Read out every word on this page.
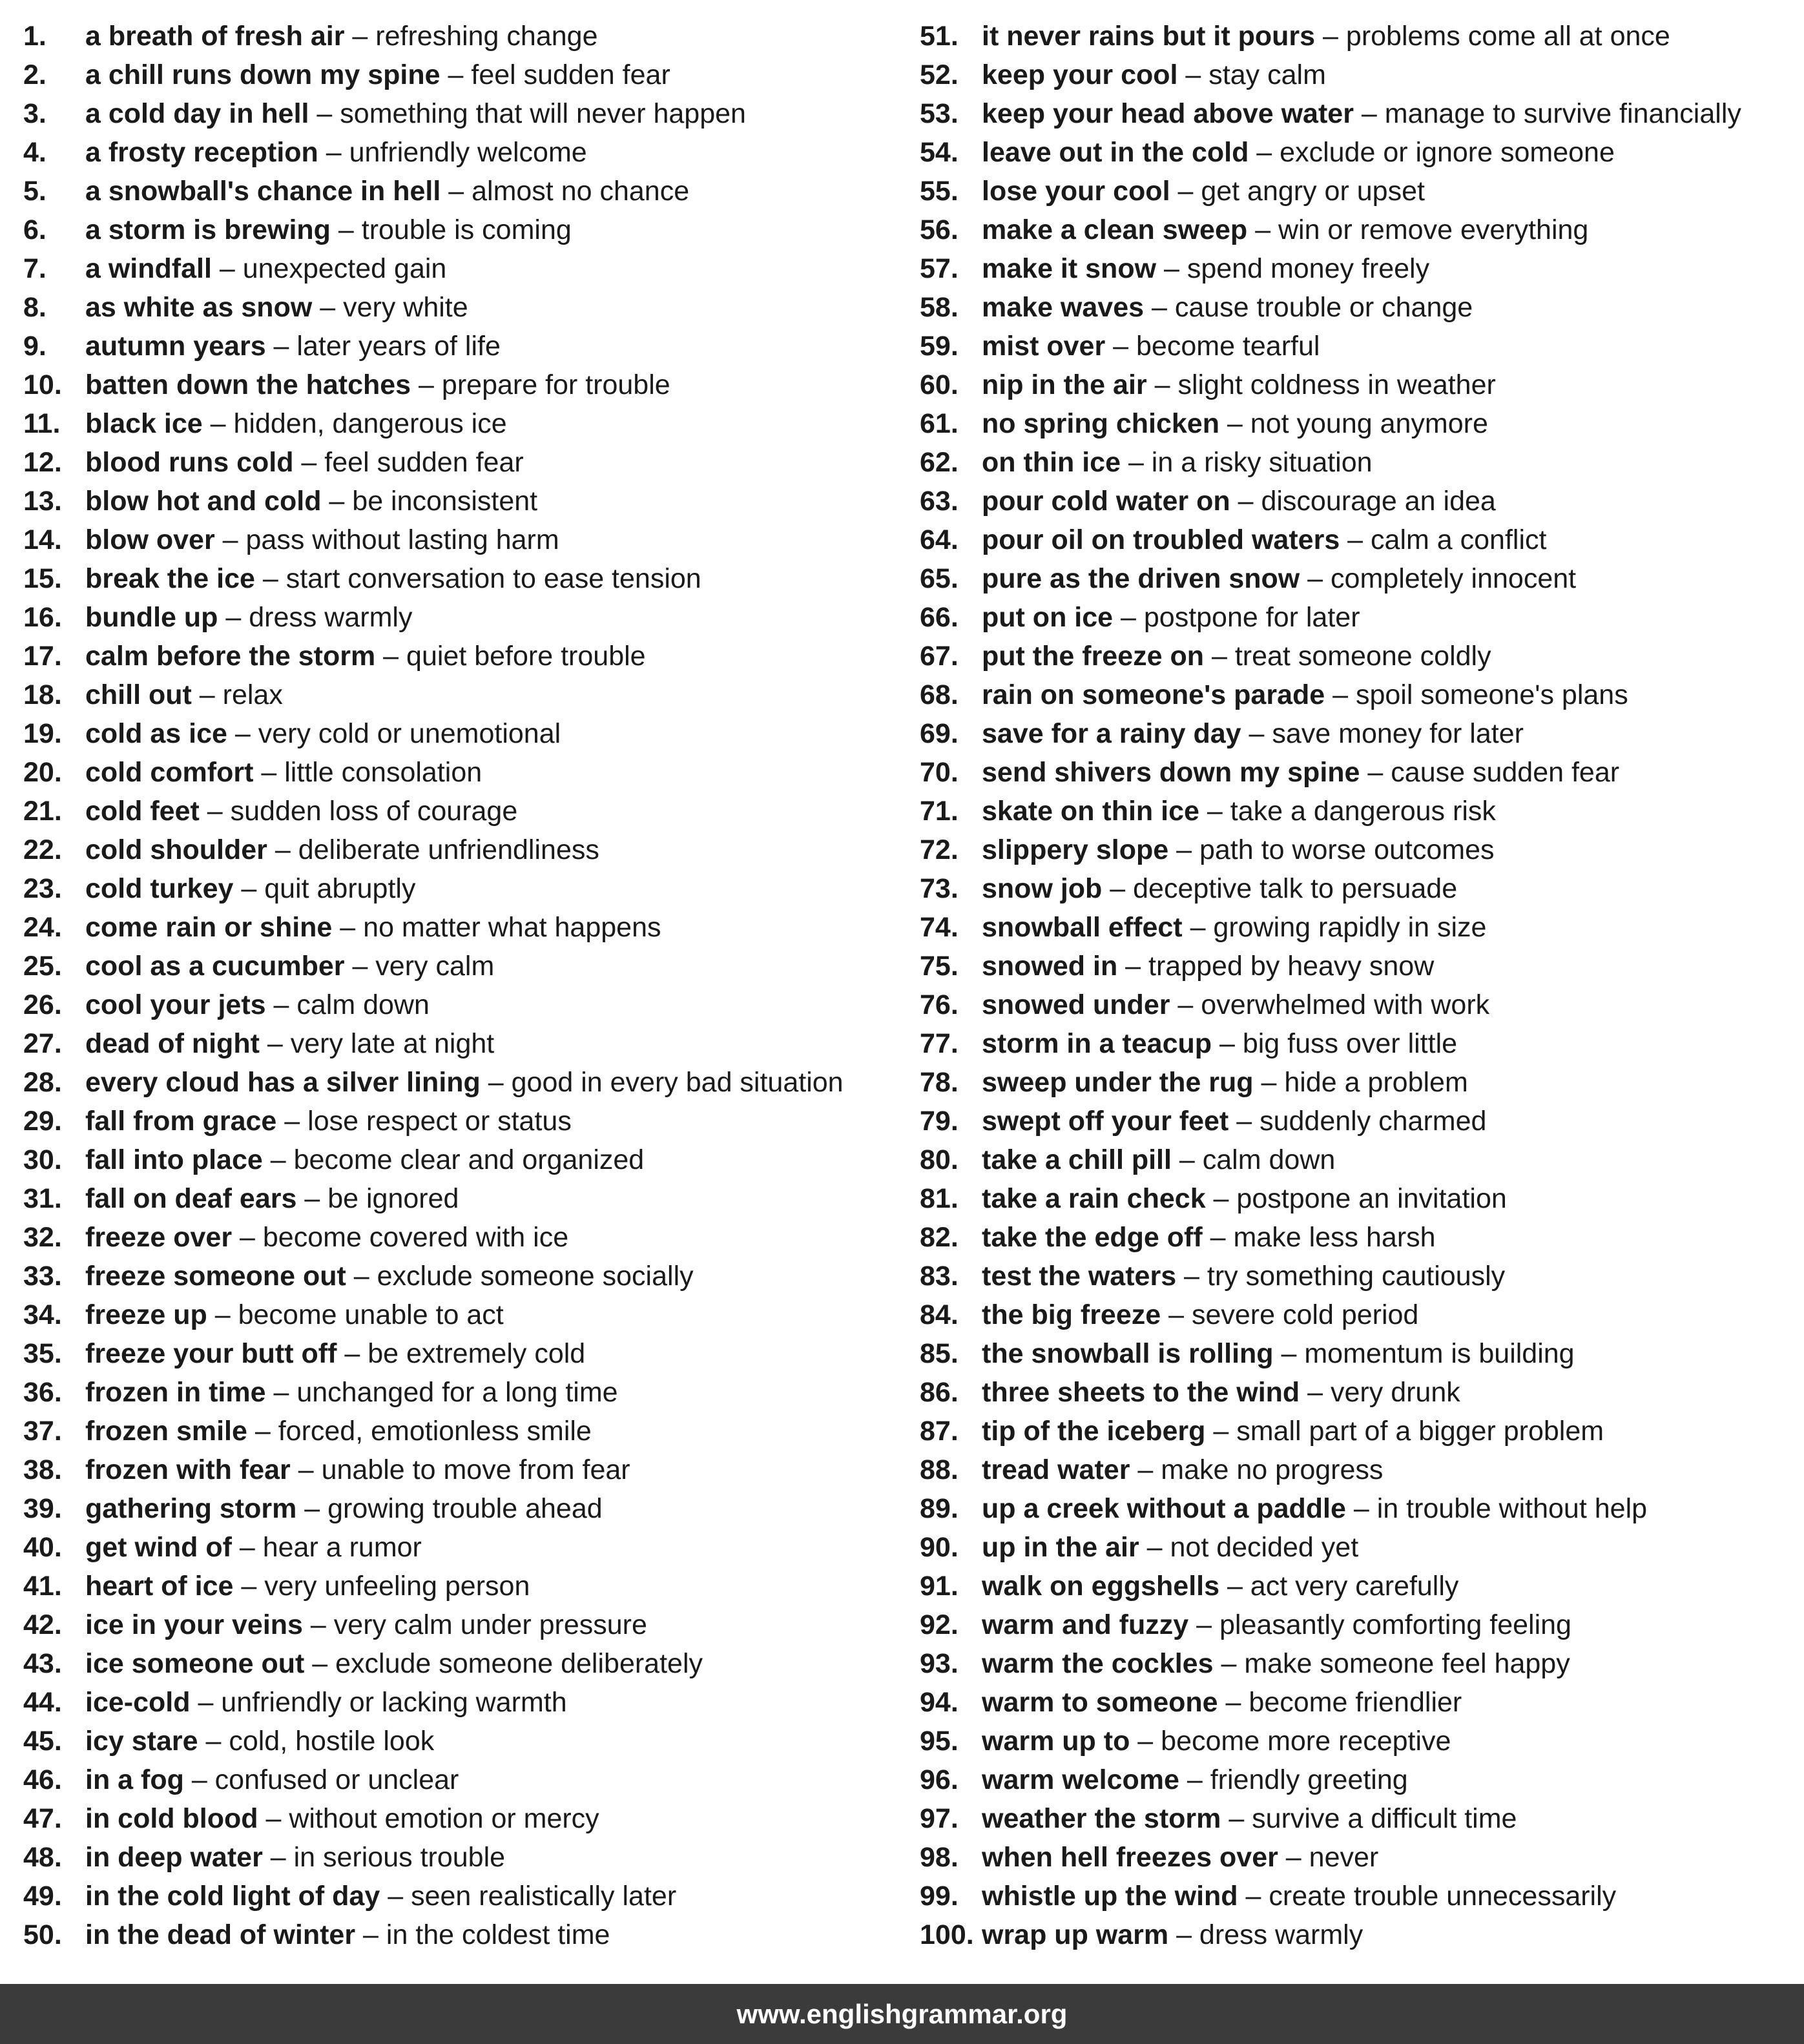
1. a breath of fresh air – refreshing change
2. a chill runs down my spine – feel sudden fear
3. a cold day in hell – something that will never happen
4. a frosty reception – unfriendly welcome
5. a snowball's chance in hell – almost no chance
6. a storm is brewing – trouble is coming
7. a windfall – unexpected gain
8. as white as snow – very white
9. autumn years – later years of life
10. batten down the hatches – prepare for trouble
11. black ice – hidden, dangerous ice
12. blood runs cold – feel sudden fear
13. blow hot and cold – be inconsistent
14. blow over – pass without lasting harm
15. break the ice – start conversation to ease tension
16. bundle up – dress warmly
17. calm before the storm – quiet before trouble
18. chill out – relax
19. cold as ice – very cold or unemotional
20. cold comfort – little consolation
21. cold feet – sudden loss of courage
22. cold shoulder – deliberate unfriendliness
23. cold turkey – quit abruptly
24. come rain or shine – no matter what happens
25. cool as a cucumber – very calm
26. cool your jets – calm down
27. dead of night – very late at night
28. every cloud has a silver lining – good in every bad situation
29. fall from grace – lose respect or status
30. fall into place – become clear and organized
31. fall on deaf ears – be ignored
32. freeze over – become covered with ice
33. freeze someone out – exclude someone socially
34. freeze up – become unable to act
35. freeze your butt off – be extremely cold
36. frozen in time – unchanged for a long time
37. frozen smile – forced, emotionless smile
38. frozen with fear – unable to move from fear
39. gathering storm – growing trouble ahead
40. get wind of – hear a rumor
41. heart of ice – very unfeeling person
42. ice in your veins – very calm under pressure
43. ice someone out – exclude someone deliberately
44. ice-cold – unfriendly or lacking warmth
45. icy stare – cold, hostile look
46. in a fog – confused or unclear
47. in cold blood – without emotion or mercy
48. in deep water – in serious trouble
49. in the cold light of day – seen realistically later
50. in the dead of winter – in the coldest time
51. it never rains but it pours – problems come all at once
52. keep your cool – stay calm
53. keep your head above water – manage to survive financially
54. leave out in the cold – exclude or ignore someone
55. lose your cool – get angry or upset
56. make a clean sweep – win or remove everything
57. make it snow – spend money freely
58. make waves – cause trouble or change
59. mist over – become tearful
60. nip in the air – slight coldness in weather
61. no spring chicken – not young anymore
62. on thin ice – in a risky situation
63. pour cold water on – discourage an idea
64. pour oil on troubled waters – calm a conflict
65. pure as the driven snow – completely innocent
66. put on ice – postpone for later
67. put the freeze on – treat someone coldly
68. rain on someone's parade – spoil someone's plans
69. save for a rainy day – save money for later
70. send shivers down my spine – cause sudden fear
71. skate on thin ice – take a dangerous risk
72. slippery slope – path to worse outcomes
73. snow job – deceptive talk to persuade
74. snowball effect – growing rapidly in size
75. snowed in – trapped by heavy snow
76. snowed under – overwhelmed with work
77. storm in a teacup – big fuss over little
78. sweep under the rug – hide a problem
79. swept off your feet – suddenly charmed
80. take a chill pill – calm down
81. take a rain check – postpone an invitation
82. take the edge off – make less harsh
83. test the waters – try something cautiously
84. the big freeze – severe cold period
85. the snowball is rolling – momentum is building
86. three sheets to the wind – very drunk
87. tip of the iceberg – small part of a bigger problem
88. tread water – make no progress
89. up a creek without a paddle – in trouble without help
90. up in the air – not decided yet
91. walk on eggshells – act very carefully
92. warm and fuzzy – pleasantly comforting feeling
93. warm the cockles – make someone feel happy
94. warm to someone – become friendlier
95. warm up to – become more receptive
96. warm welcome – friendly greeting
97. weather the storm – survive a difficult time
98. when hell freezes over – never
99. whistle up the wind – create trouble unnecessarily
100. wrap up warm – dress warmly
www.englishgrammar.org
